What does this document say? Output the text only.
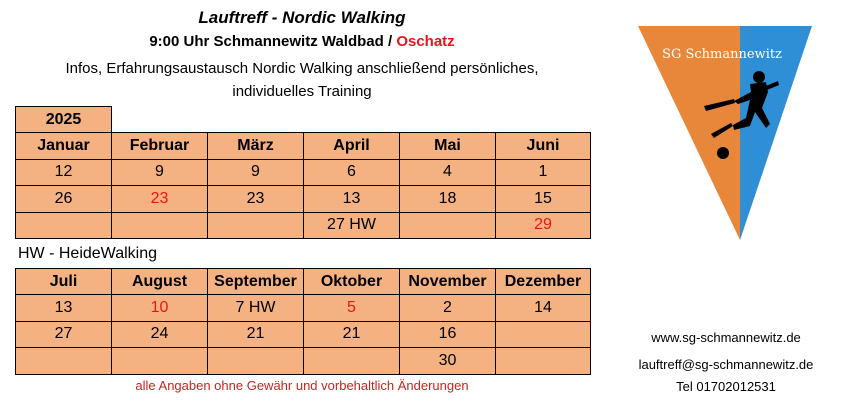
Lauftreff - Nordic Walking
9:00 Uhr Schmannewitz Waldbad / Oschatz
Infos, Erfahrungsaustausch Nordic Walking anschließend persönliches,
individuelles Training
2025					
Januar	Februar	März	April	Mai	Juni
12	9	9	6	4	1
26	23	23	13	18	15
			27 HW		29
HW - HeideWalking
Juli	August	September	Oktober	November	Dezember
13	10	7 HW	5	2	14
27	24	21	21	16	
				30	
alle Angaben ohne Gewähr und vorbehaltlich Änderungen
SG Schmannewitz
www.sg-schmannewitz.de
lauftreff@sg-schmannewitz.de
Tel 01702012531
